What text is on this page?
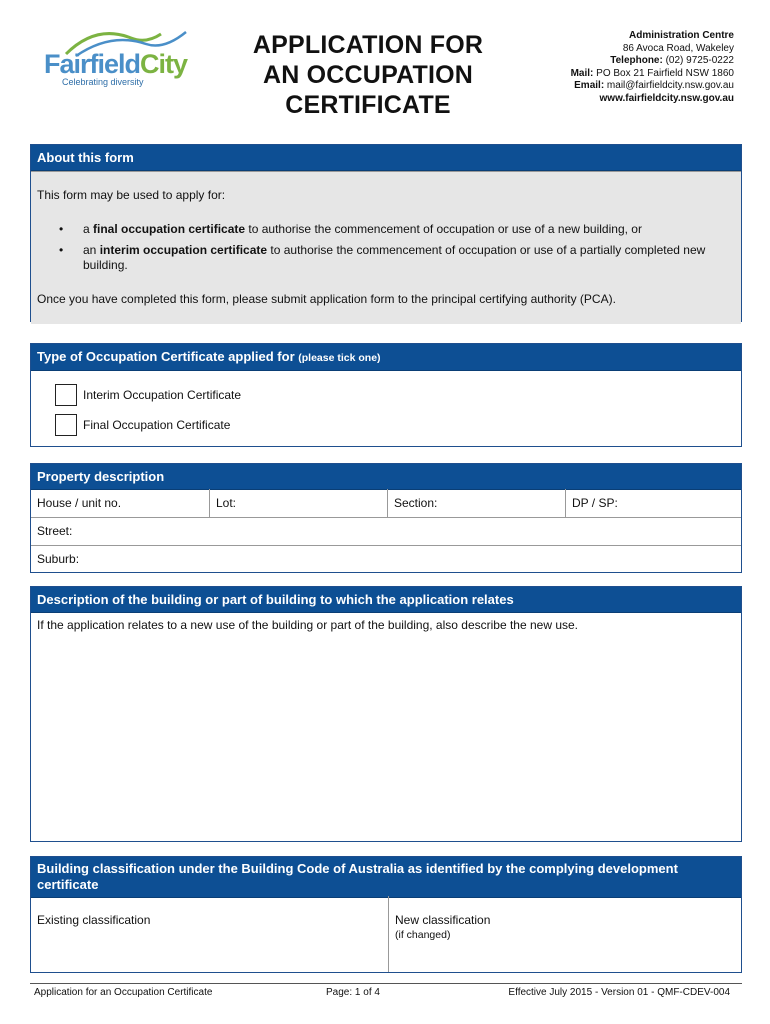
FairfieldCity
Celebrating diversity
APPLICATION FOR
AN OCCUPATION
CERTIFICATE
Administration Centre
86 Avoca Road, Wakeley
Telephone: (02) 9725-0222
Mail: PO Box 21 Fairfield NSW 1860
Email: mail@fairfieldcity.nsw.gov.au
www.fairfieldcity.nsw.gov.au
About this form

This form may be used to apply for:

• a final occupation certificate to authorise the commencement of occupation or use of a new building, or
• an interim occupation certificate to authorise the commencement of occupation or use of a partially completed new building.

Once you have completed this form, please submit application form to the principal certifying authority (PCA).

Type of Occupation Certificate applied for (please tick one)
Interim Occupation Certificate
Final Occupation Certificate
Property description
House / unit no.	Lot:	Section:	DP / SP:
Street:
Suburb:
Description of the building or part of building to which the application relates
If the application relates to a new use of the building or part of the building, also describe the new use.
Building classification under the Building Code of Australia as identified by the complying development certificate
Existing classification	New classification
(if changed)
Application for an Occupation Certificate	Page: 1 of 4	Effective July 2015 - Version 01 - QMF-CDEV-004
